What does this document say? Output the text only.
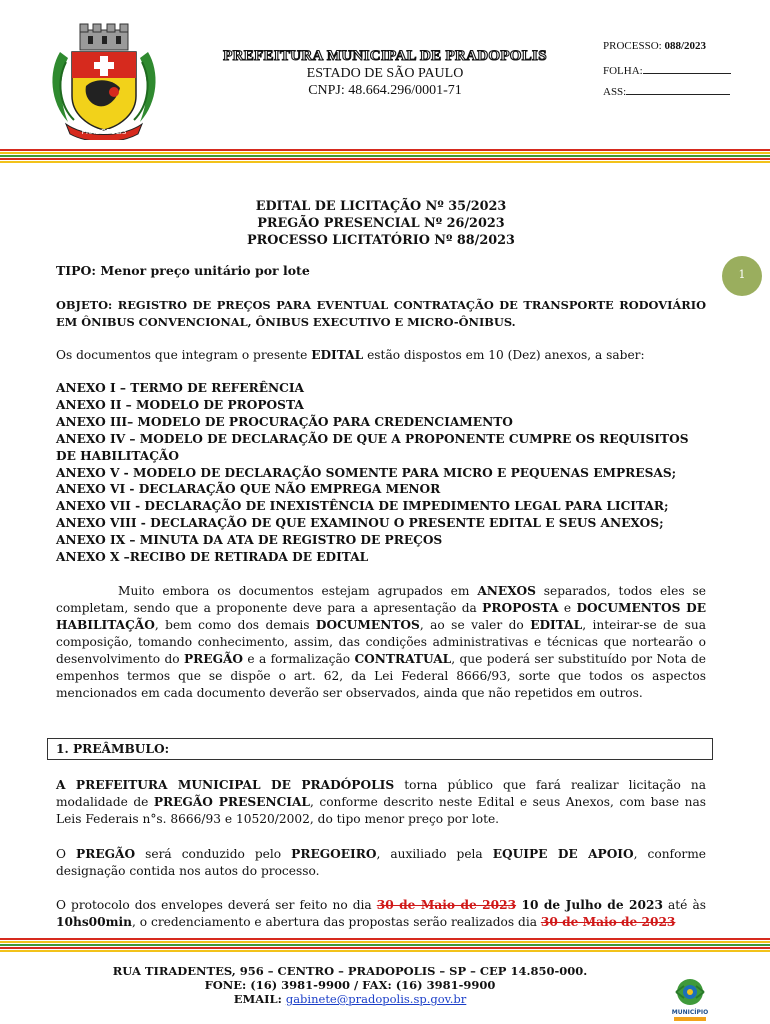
PRADOPOLIS
PREFEITURA MUNICIPAL DE PRADOPOLIS
ESTADO DE SÃO PAULO
CNPJ: 48.664.296/0001-71
PROCESSO: 088/2023
FOLHA:
ASS:
EDITAL DE LICITAÇÃO Nº 35/2023
PREGÃO PRESENCIAL Nº 26/2023
PROCESSO LICITATÓRIO Nº 88/2023
TIPO: Menor preço unitário por lote	1
OBJETO: REGISTRO DE PREÇOS PARA EVENTUAL CONTRATAÇÃO DE TRANSPORTE RODOVIÁRIO EM ÔNIBUS CONVENCIONAL, ÔNIBUS EXECUTIVO E MICRO-ÔNIBUS.
Os documentos que integram o presente EDITAL estão dispostos em 10 (Dez) anexos, a saber:
ANEXO I – TERMO DE REFERÊNCIA
ANEXO II – MODELO DE PROPOSTA
ANEXO III– MODELO DE PROCURAÇÃO PARA CREDENCIAMENTO
ANEXO IV – MODELO DE DECLARAÇÃO DE QUE A PROPONENTE CUMPRE OS REQUISITOS DE HABILITAÇÃO
ANEXO V - MODELO DE DECLARAÇÃO SOMENTE PARA MICRO E PEQUENAS EMPRESAS;
ANEXO VI - DECLARAÇÃO QUE NÃO EMPREGA MENOR
ANEXO VII - DECLARAÇÃO DE INEXISTÊNCIA DE IMPEDIMENTO LEGAL PARA LICITAR;
ANEXO VIII - DECLARAÇÃO DE QUE EXAMINOU O PRESENTE EDITAL E SEUS ANEXOS;
ANEXO IX – MINUTA DA ATA DE REGISTRO DE PREÇOS
ANEXO X –RECIBO DE RETIRADA DE EDITAL
Muito embora os documentos estejam agrupados em ANEXOS separados, todos eles se completam, sendo que a proponente deve para a apresentação da PROPOSTA e DOCUMENTOS DE HABILITAÇÃO, bem como dos demais DOCUMENTOS, ao se valer do EDITAL, inteirar-se de sua composição, tomando conhecimento, assim, das condições administrativas e técnicas que nortearão o desenvolvimento do PREGÃO e a formalização CONTRATUAL, que poderá ser substituído por Nota de empenhos termos que se dispõe o art. 62, da Lei Federal 8666/93, sorte que todos os aspectos mencionados em cada documento deverão ser observados, ainda que não repetidos em outros.
1. PREÂMBULO:
A PREFEITURA MUNICIPAL DE PRADÓPOLIS torna público que fará realizar licitação na modalidade de PREGÃO PRESENCIAL, conforme descrito neste Edital e seus Anexos, com base nas Leis Federais n°s. 8666/93 e 10520/2002, do tipo menor preço por lote.
O PREGÃO será conduzido pelo PREGOEIRO, auxiliado pela EQUIPE DE APOIO, conforme designação contida nos autos do processo.
O protocolo dos envelopes deverá ser feito no dia 30 de Maio de 2023 10 de Julho de 2023 até às 10hs00min, o credenciamento e abertura das propostas serão realizados dia 30 de Maio de 2023
RUA TIRADENTES, 956 – CENTRO – PRADOPOLIS – SP – CEP 14.850-000.
FONE: (16) 3981-9900 / FAX: (16) 3981-9900
EMAIL: gabinete@pradopolis.sp.gov.br
MUNICÍPIO
